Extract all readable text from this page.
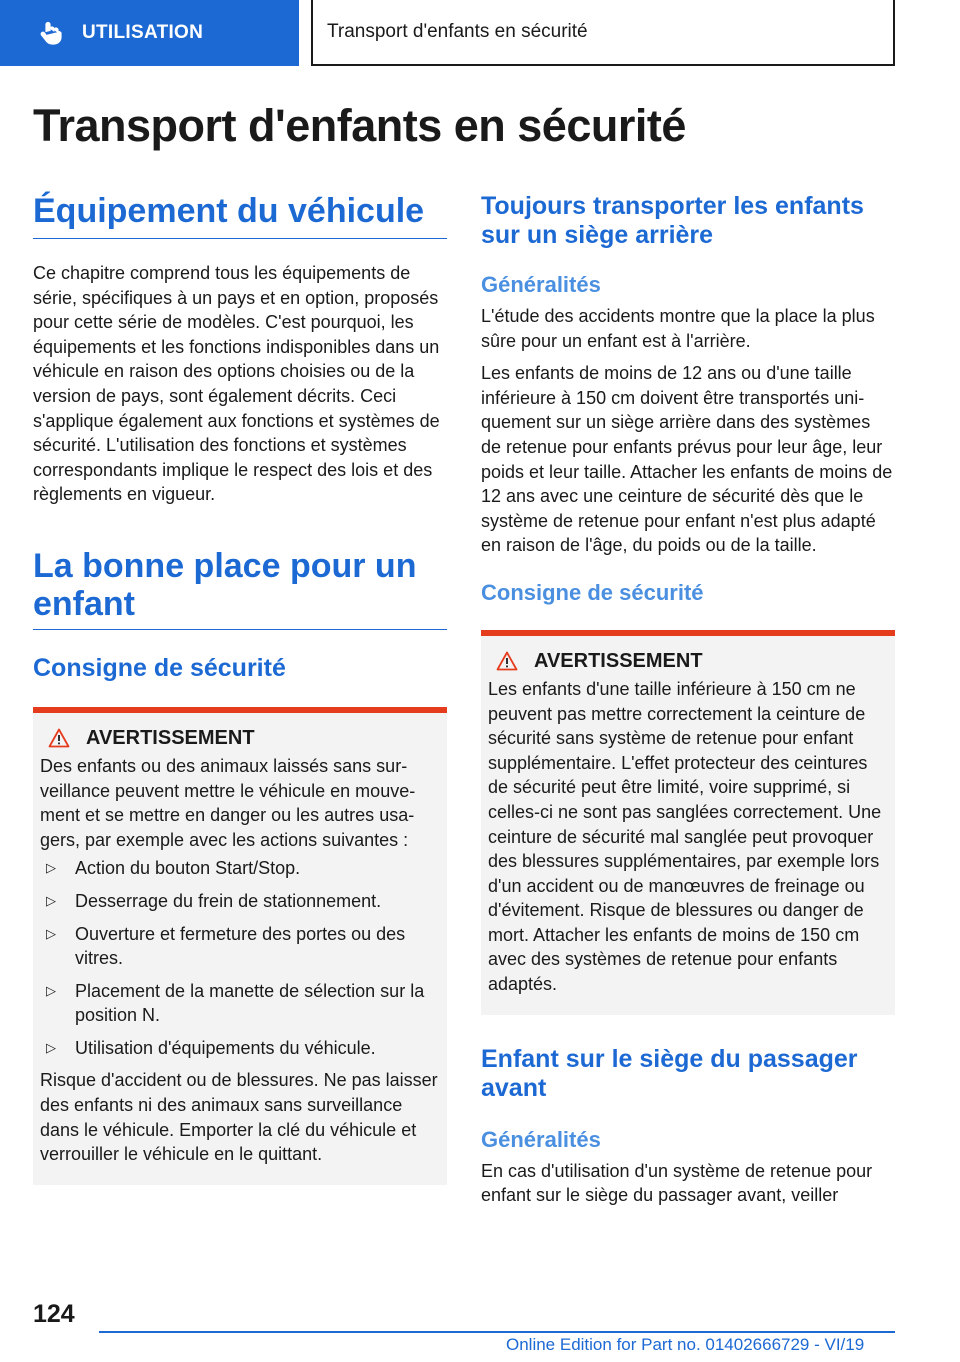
UTILISATION	Transport d'enfants en sécurité
Transport d'enfants en sécurité
Équipement du véhicule

Ce chapitre comprend tous les équipements de série, spécifiques à un pays et en option, proposés pour cette série de modèles. C'est pourquoi, les équipements et les fonctions indisponibles dans un véhicule en raison des options choisies ou de la version de pays, sont également décrits. Ceci s'applique également aux fonctions et systèmes de sécurité. L'utilisation des fonctions et systèmes correspondants implique le respect des lois et des règlements en vigueur.

La bonne place pour un enfant
Consigne de sécurité
AVERTISSEMENT

Des enfants ou des animaux laissés sans surveillance peuvent mettre le véhicule en mouvement et se mettre en danger ou les autres usagers, par exemple avec les actions suivantes :

▷	Action du bouton Start/Stop.
▷	Desserrage du frein de stationnement.
▷	Ouverture et fermeture des portes ou des vitres.
▷	Placement de la manette de sélection sur la position N.
▷	Utilisation d'équipements du véhicule.

Risque d'accident ou de blessures. Ne pas laisser des enfants ni des animaux sans surveillance dans le véhicule. Emporter la clé du véhicule et verrouiller le véhicule en le quittant.

Toujours transporter les enfants sur un siège arrière
Généralités

L'étude des accidents montre que la place la plus sûre pour un enfant est à l'arrière.

Les enfants de moins de 12 ans ou d'une taille inférieure à 150 cm doivent être transportés uniquement sur un siège arrière dans des systèmes de retenue pour enfants prévus pour leur âge, leur poids et leur taille. Attacher les enfants de moins de 12 ans avec une ceinture de sécurité dès que le système de retenue pour enfant n'est plus adapté en raison de l'âge, du poids ou de la taille.

Consigne de sécurité
AVERTISSEMENT

Les enfants d'une taille inférieure à 150 cm ne peuvent pas mettre correctement la ceinture de sécurité sans système de retenue pour enfant supplémentaire. L'effet protecteur des ceintures de sécurité peut être limité, voire supprimé, si celles-ci ne sont pas sanglées correctement. Une ceinture de sécurité mal sanglée peut provoquer des blessures supplémentaires, par exemple lors d'un accident ou de manœuvres de freinage ou d'évitement. Risque de blessures ou danger de mort. Attacher les enfants de moins de 150 cm avec des systèmes de retenue pour enfants adaptés.

Enfant sur le siège du passager avant
Généralités

En cas d'utilisation d'un système de retenue pour enfant sur le siège du passager avant, veiller

124
Online Edition for Part no. 01402666729 - VI/19
